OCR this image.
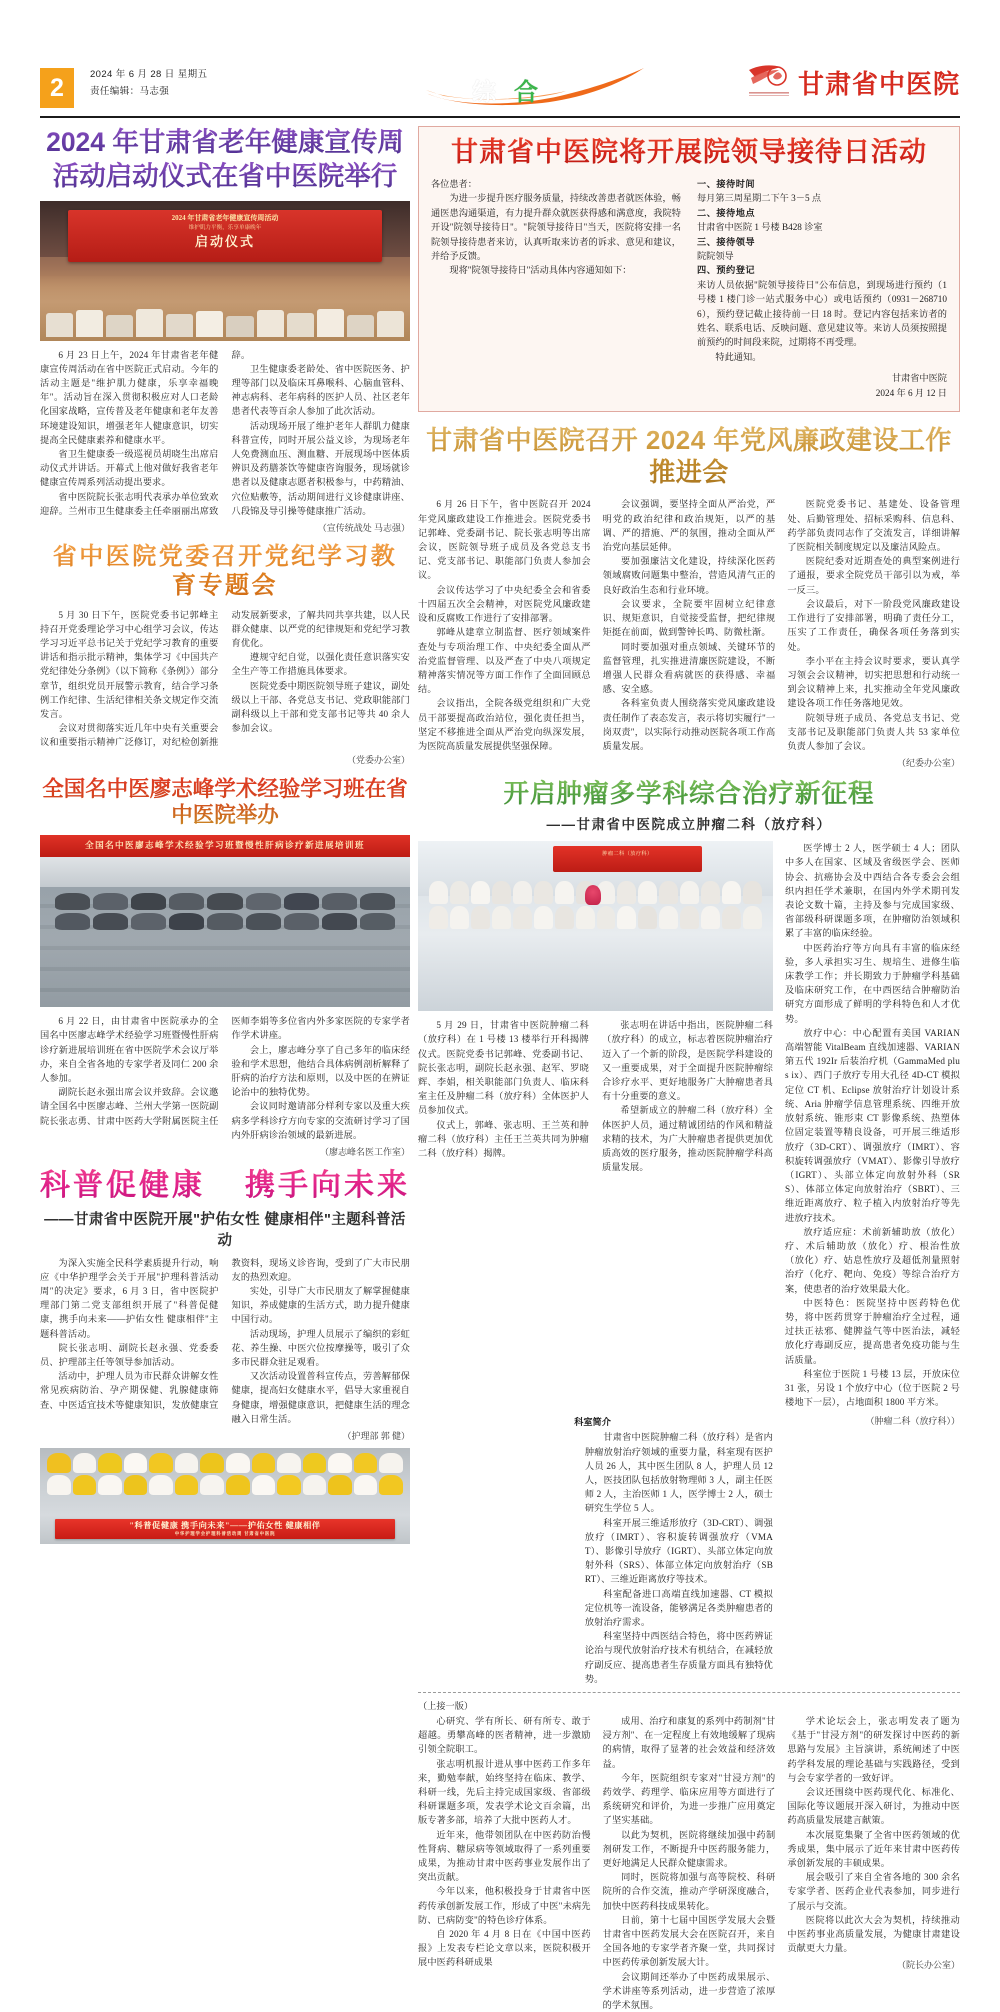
2	2024 年 6 月 28 日 星期五
责任编辑：马志强	综合	甘肃省中医院
2024 年甘肃省老年健康宣传周
活动启动仪式在省中医院举行
2024 年甘肃省老年健康宣传周活动
维护肌力平衡，乐享单康晚年
启动仪式

6 月 23 日上午，2024 年甘肃省老年健康宣传周活动在省中医院正式启动。今年的活动主题是"维护肌力健康，乐享幸福晚年"。活动旨在深入贯彻积极应对人口老龄化国家战略，宣传普及老年健康和老年友善环境建设知识，增强老年人健康意识，切实提高全民健康素养和健康水平。

省卫生健康委一级巡视员胡晓生出席启动仪式并讲话。开幕式上他对做好我省老年健康宣传周系列活动提出要求。

省中医院院长张志明代表承办单位致欢迎辞。兰州市卫生健康委主任牵丽丽出席致辞。

卫生健康委老龄处、省中医院医务、护理等部门以及临床耳鼻喉科、心脑血管科、神志病科、老年病科的医护人员、社区老年患者代表等百余人参加了此次活动。

活动现场开展了维护老年人群肌力健康科普宣传，同时开展公益义诊，为现场老年人免费测血压、测血糖、开展现场中医体质辨识及药膳茶饮等健康咨询服务，现场就诊患者以及健康志愿者积极参与，中药精油、穴位贴敷等，活动期间进行义诊健康讲座、八段锦及导引操等健康推广活动。

（宣传统战处 马志强）
省中医院党委召开党纪学习教育专题会

5 月 30 日下午，医院党委书记郭峰主持召开党委理论学习中心组学习会议，传达学习习近平总书记关于党纪学习教育的重要讲话和指示批示精神，集体学习《中国共产党纪律处分条例》（以下简称《条例》）部分章节，组织党员开展警示教育，结合学习条例工作纪律、生活纪律相关条文规定作交流发言。

会议对贯彻落实近几年中央有关重要会议和重要指示精神广泛修订，对纪检创新推动发展新要求，了解共同共享共建，以人民群众健康、以严党的纪律规矩和党纪学习教育优化。

遵规守纪自觉，以强化责任意识落实安全生产等工作措施具体要求。

医院党委中期医院领导班子建议，副处级以上干部、各党总支书记、党政职能部门副科级以上干部和党支部书记等共 40 余人参加会议。

（党委办公室）
全国名中医廖志峰学术经验学习班在省中医院举办
全国名中医廖志峰学术经验学习班暨慢性肝病诊疗新进展培训班

6 月 22 日，由甘肃省中医院承办的全国名中医廖志峰学术经验学习班暨慢性肝病诊疗新进展培训班在省中医院学术会议厅举办，来自全省各地的专家学者及同仁 200 余人参加。

副院长赵永强出席会议并致辞。会议邀请全国名中医廖志峰、兰州大学第一医院副院长张志勇、甘肃中医药大学附属医院主任医师李娟等多位省内外多家医院的专家学者作学术讲座。

会上，廖志峰分享了自己多年的临床经验和学术思想，他结合具体病例剖析解释了肝病的治疗方法和原则，以及中医的在辨证论治中的独特优势。

会议同时邀请部分样利专家以及重大疾病多学科诊疗方向专家的交流研讨学习了国内外肝病诊治领域的最新进展。

（廖志峰名医工作室）
科普促健康 携手向未来
——甘肃省中医院开展"护佑女性 健康相伴"主题科普活动

为深入实施全民科学素质提升行动，响应《中华护理学会关于开展"护理科普活动周"的决定》要求，6 月 3 日，省中医院护理部门第二党支部组织开展了"科普促健康，携手向未来——护佑女性 健康相伴"主题科普活动。

院长张志明、副院长赵永强、党委委员、护理部主任等领导参加活动。

活动中，护理人员为市民群众讲解女性常见疾病防治、孕产期保健、乳腺健康筛查、中医适宜技术等健康知识，发放健康宣教资料，现场义诊咨询，受到了广大市民朋友的热烈欢迎。

实处，引导广大市民朋友了解掌握健康知识，养成健康的生活方式，助力提升健康中国行动。

活动现场，护理人员展示了编织的彩虹花、养生操、中医穴位按摩操等，吸引了众多市民群众驻足观看。

又次活动设置普科宣传点，劳善解郁保健康，提高妇女健康水平，倡导大家重视自身健康，增强健康意识，把健康生活的理念融入日常生活。

（护理部 郭 健）
"科普促健康 携手向未来"——护佑女性 健康相伴
中华护理学会护理科普活动周 甘肃省中医院
甘肃省中医院将开展院领导接待日活动

各位患者：

为进一步提升医疗服务质量，持续改善患者就医体验，畅通医患沟通渠道，有力提升群众就医获得感和满意度，我院特开设"院领导接待日"。"院领导接待日"当天，医院将安排一名院领导接待患者来访，认真听取来访者的诉求、意见和建议，并给予反馈。

现将"院领导接待日"活动具体内容通知如下：

一、接待时间

每月第三周星期二下午 3－5 点

二、接待地点

甘肃省中医院 1 号楼 B428 诊室

三、接待领导

院院领导

四、预约登记

来访人员依据"院领导接待日"公布信息，到现场进行预约（1 号楼 1 楼门诊一站式服务中心）或电话预约（0931－2687106），预约登记截止接待前一日 18 时。登记内容包括来访者的姓名、联系电话、反映问题、意见建议等。来访人员须按照提前预约的时间段来院，过期将不再受理。

特此通知。

甘肃省中医院
2024 年 6 月 12 日
甘肃省中医院召开 2024 年党风廉政建设工作推进会

6 月 26 日下午，省中医院召开 2024 年党风廉政建设工作推进会。医院党委书记郭峰、党委副书记、院长张志明等出席会议，医院领导班子成员及各党总支书记、党支部书记、职能部门负责人参加会议。

会议传达学习了中央纪委全会和省委十四届五次全会精神，对医院党风廉政建设和反腐败工作进行了安排部署。

郭峰从建章立制监督、医疗领域案件查处与专项治理工作、中央纪委全面从严治党监督管理、以及严查了中央八项规定精神落实情况等方面工作作了全面回顾总结。

会议指出，全院各级党组织和广大党员干部要提高政治站位，强化责任担当，坚定不移推进全面从严治党向纵深发展，为医院高质量发展提供坚强保障。

会议强调，要坚持全面从严治党，严明党的政治纪律和政治规矩，以严的基调、严的措施、严的氛围，推动全面从严治党向基层延伸。

要加强廉洁文化建设，持续深化医药领域腐败问题集中整治，营造风清气正的良好政治生态和行业环境。

会议要求，全院要牢固树立纪律意识、规矩意识，自觉接受监督，把纪律规矩挺在前面，做到警钟长鸣、防微杜渐。

同时要加强对重点领域、关键环节的监督管理，扎实推进清廉医院建设，不断增强人民群众看病就医的获得感、幸福感、安全感。

各科室负责人围绕落实党风廉政建设责任制作了表态发言，表示将切实履行"一岗双责"，以实际行动推动医院各项工作高质量发展。

医院党委书记、基建处、设备管理处、后勤管理处、招标采购科、信息科、药学部负责同志作了交流发言，详细讲解了医院相关制度规定以及廉洁风险点。

医院纪委对近期查处的典型案例进行了通报，要求全院党员干部引以为戒，举一反三。

会议最后，对下一阶段党风廉政建设工作进行了安排部署，明确了责任分工，压实了工作责任，确保各项任务落到实处。

李小平在主持会议时要求，要认真学习领会会议精神，切实把思想和行动统一到会议精神上来，扎实推动全年党风廉政建设各项工作任务落地见效。

院领导班子成员、各党总支书记、党支部书记及职能部门负责人共 53 家单位负责人参加了会议。

（纪委办公室）
开启肿瘤多学科综合治疗新征程
——甘肃省中医院成立肿瘤二科（放疗科）
肿瘤二科（放疗科）

5 月 29 日，甘肃省中医院肿瘤二科（放疗科）在 1 号楼 13 楼举行开科揭牌仪式。医院党委书记郭峰、党委副书记、院长张志明，副院长赵永强、赵军、罗晓辉、李娟，相关职能部门负责人、临床科室主任及肿瘤二科（放疗科）全体医护人员参加仪式。

仪式上，郭峰、张志明、王兰英和肿瘤二科（放疗科）主任王兰英共同为肿瘤二科（放疗科）揭牌。

张志明在讲话中指出，医院肿瘤二科（放疗科）的成立，标志着医院肿瘤治疗迈入了一个新的阶段，是医院学科建设的又一重要成果，对于全面提升医院肿瘤综合诊疗水平、更好地服务广大肿瘤患者具有十分重要的意义。

希望新成立的肿瘤二科（放疗科）全体医护人员，通过精诚团结的作风和精益求精的技术，为广大肿瘤患者提供更加优质高效的医疗服务，推动医院肿瘤学科高质量发展。

医学博士 2 人，医学硕士 4 人；团队中多人在国家、区域及省级医学会、医师协会、抗癌协会及中西结合各专委会会组织内担任学术兼职，在国内外学术期刊发表论文数十篇，主持及参与完成国家级、省部级科研课题多项，在肿瘤防治领域积累了丰富的临床经验。

中医药治疗等方向具有丰富的临床经验，多人承担实习生、规培生、进修生临床教学工作；并长期致力于肿瘤学科基础及临床研究工作，在中西医结合肿瘤防治研究方面形成了鲜明的学科特色和人才优势。

放疗中心：中心配置有美国 VARIAN 高端智能 VitalBeam 直线加速器、VARIAN 第五代 192Ir 后装治疗机（GammaMed plus ix）、西门子放疗专用大孔径 4D-CT 模拟定位 CT 机、Eclipse 放射治疗计划设计系统、Aria 肿瘤学信息管理系统、四维开放放射系统、锥形束 CT 影像系统、热塑体位固定装置等精良设备，可开展三维适形放疗（3D-CRT）、调强放疗（IMRT）、容积旋转调强放疗（VMAT）、影像引导放疗（IGRT）、头部立体定向放射外科（SRS）、体部立体定向放射治疗（SBRT）、三维近距离放疗、粒子植入内放射治疗等先进放疗技术。

放疗适应症：术前新辅助放（放化）疗、术后辅助放（放化）疗、根治性放（放化）疗、姑息性放疗及超低剂量照射治疗（化疗、靶向、免疫）等综合治疗方案，使患者的治疗效果最大化。

中医特色：医院坚持中医药特色优势，将中医药贯穿于肿瘤治疗全过程，通过扶正祛邪、健脾益气等中医治法，减轻放化疗毒副反应，提高患者免疫功能与生活质量。

科室位于医院 1 号楼 13 层，开放床位 31 张，另设 1 个放疗中心（位于医院 2 号楼地下一层），占地面积 1800 平方米。

科室简介

甘肃省中医院肿瘤二科（放疗科）是省内肿瘤放射治疗领域的重要力量，科室现有医护人员 26 人，其中医生团队 8 人，护理人员 12 人，医技团队包括放射物理师 3 人，副主任医师 2 人，主治医师 1 人，医学博士 2 人，硕士研究生学位 5 人。

科室开展三维适形放疗（3D-CRT）、调强放疗（IMRT）、容积旋转调强放疗（VMAT）、影像引导放疗（IGRT）、头部立体定向放射外科（SRS）、体部立体定向放射治疗（SBRT）、三维近距离放疗等技术。

科室配备进口高端直线加速器、CT 模拟定位机等一流设备，能够满足各类肿瘤患者的放射治疗需求。

科室坚持中西医结合特色，将中医药辨证论治与现代放射治疗技术有机结合，在减轻放疗副反应、提高患者生存质量方面具有独特优势。

（肿瘤二科（放疗科））
（上接一版）

心研究、学有所长、研有所专、敢于超越。勇攀高峰的医者精神，进一步激励引领全院职工。

张志明机报计进从事中医药工作多年来，勤勉奉献，始终坚持在临床、教学、科研一线，先后主持完成国家级、省部级科研课题多项，发表学术论文百余篇，出版专著多部，培养了大批中医药人才。

近年来，他带领团队在中医药防治慢性肾病、糖尿病等领域取得了一系列重要成果，为推动甘肃中医药事业发展作出了突出贡献。

今年以来，他积极投身于甘肃省中医药传承创新发展工作，形成了中医"未病先防、已病防变"的特色诊疗体系。

自 2020 年 4 月 8 日在《中国中医药报》上发表专栏论文章以来，医院积极开展中医药科研成果

成用、治疗和康复的系列中药制剂"甘浸方剂"、在一定程度上有效地缓解了现病的病情，取得了显著的社会效益和经济效益。

今年，医院组织专家对"甘浸方剂"的药效学、药理学、临床应用等方面进行了系统研究和评价，为进一步推广应用奠定了坚实基础。

以此为契机，医院将继续加强中药制剂研发工作，不断提升中医药服务能力，更好地满足人民群众健康需求。

同时，医院将加强与高等院校、科研院所的合作交流，推动产学研深度融合，加快中医药科技成果转化。

日前，第十七届中国医学发展大会暨甘肃省中医药发展大会在医院召开，来自全国各地的专家学者齐聚一堂，共同探讨中医药传承创新发展大计。

会议期间还举办了中医药成果展示、学术讲座等系列活动，进一步营造了浓厚的学术氛围。

学术论坛会上，张志明发表了题为《基于"甘浸方剂"的研发探讨中医药的新思路与发展》主旨演讲，系统阐述了中医药学科发展的理论基础与实践路径，受到与会专家学者的一致好评。

会议还围绕中医药现代化、标准化、国际化等议题展开深入研讨，为推动中医药高质量发展建言献策。

本次展览集聚了全省中医药领域的优秀成果，集中展示了近年来甘肃中医药传承创新发展的丰硕成果。

展会吸引了来自全省各地的 300 余名专家学者、医药企业代表参加，同步进行了展示与交流。

医院将以此次大会为契机，持续推动中医药事业高质量发展，为健康甘肃建设贡献更大力量。

（院长办公室）
